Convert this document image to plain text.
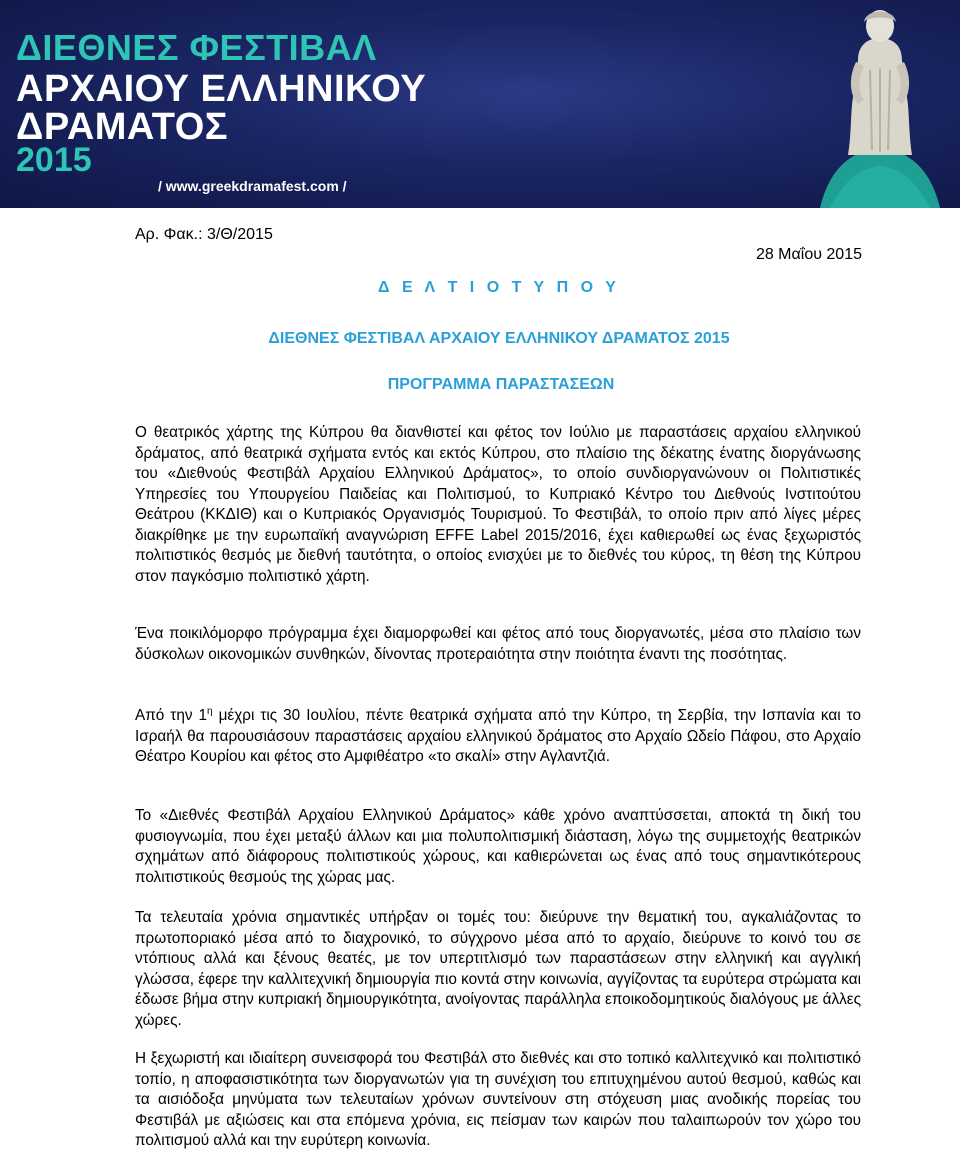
ΔΙΕΘΝΕΣ ΦΕΣΤΙΒΑΛ
ΑΡΧΑΙΟΥ ΕΛΛΗΝΙΚΟΥ
ΔΡΑΜΑΤΟΣ
2015
/ www.greekdramafest.com /
Αρ. Φακ.: 3/Θ/2015
28 Μαΐου 2015
Δ Ε Λ Τ Ι Ο Τ Υ Π Ο Υ
ΔΙΕΘΝΕΣ ΦΕΣΤΙΒΑΛ ΑΡΧΑΙΟΥ ΕΛΛΗΝΙΚΟΥ ΔΡΑΜΑΤΟΣ 2015
ΠΡΟΓΡΑΜΜΑ ΠΑΡΑΣΤΑΣΕΩΝ

Ο θεατρικός χάρτης της Κύπρου θα διανθιστεί και φέτος τον Ιούλιο με παραστάσεις αρχαίου ελληνικού δράματος, από θεατρικά σχήματα εντός και εκτός Κύπρου, στο πλαίσιο της δέκατης ένατης διοργάνωσης του «Διεθνούς Φεστιβάλ Αρχαίου Ελληνικού Δράματος», το οποίο συνδιοργανώνουν οι Πολιτιστικές Υπηρεσίες του Υπουργείου Παιδείας και Πολιτισμού, το Κυπριακό Κέντρο του Διεθνούς Ινστιτούτου Θεάτρου (ΚΚΔΙΘ) και ο Κυπριακός Οργανισμός Τουρισμού. Το Φεστιβάλ, το οποίο πριν από λίγες μέρες διακρίθηκε με την ευρωπαϊκή αναγνώριση EFFE Label 2015/2016, έχει καθιερωθεί ως ένας ξεχωριστός πολιτιστικός θεσμός με διεθνή ταυτότητα, ο οποίος ενισχύει με το διεθνές του κύρος, τη θέση της Κύπρου στον παγκόσμιο πολιτιστικό χάρτη.

Ένα ποικιλόμορφο πρόγραμμα έχει διαμορφωθεί και φέτος από τους διοργανωτές, μέσα στο πλαίσιο των δύσκολων οικονομικών συνθηκών, δίνοντας προτεραιότητα στην ποιότητα έναντι της ποσότητας.

Από την $1^\eta$ μέχρι τις 30 Ιουλίου, πέντε θεατρικά σχήματα από την Κύπρο, τη Σερβία, την Ισπανία και το Ισραήλ θα παρουσιάσουν παραστάσεις αρχαίου ελληνικού δράματος στο Αρχαίο Ωδείο Πάφου, στο Αρχαίο Θέατρο Κουρίου και φέτος στο Αμφιθέατρο «το σκαλί» στην Αγλαντζιά.

Το «Διεθνές Φεστιβάλ Αρχαίου Ελληνικού Δράματος» κάθε χρόνο αναπτύσσεται, αποκτά τη δική του φυσιογνωμία, που έχει μεταξύ άλλων και μια πολυπολιτισμική διάσταση, λόγω της συμμετοχής θεατρικών σχημάτων από διάφορους πολιτιστικούς χώρους, και καθιερώνεται ως ένας από τους σημαντικότερους πολιτιστικούς θεσμούς της χώρας μας.

Τα τελευταία χρόνια σημαντικές υπήρξαν οι τομές του: διεύρυνε την θεματική του, αγκαλιάζοντας το πρωτοποριακό μέσα από το διαχρονικό, το σύγχρονο μέσα από το αρχαίο, διεύρυνε το κοινό του σε ντόπιους αλλά και ξένους θεατές, με τον υπερτιτλισμό των παραστάσεων στην ελληνική και αγγλική γλώσσα, έφερε την καλλιτεχνική δημιουργία πιο κοντά στην κοινωνία, αγγίζοντας τα ευρύτερα στρώματα και έδωσε βήμα στην κυπριακή δημιουργικότητα, ανοίγοντας παράλληλα εποικοδομητικούς διαλόγους με άλλες χώρες.

Η ξεχωριστή και ιδιαίτερη συνεισφορά του Φεστιβάλ στο διεθνές και στο τοπικό καλλιτεχνικό και πολιτιστικό τοπίο, η αποφασιστικότητα των διοργανωτών για τη συνέχιση του επιτυχημένου αυτού θεσμού, καθώς και τα αισιόδοξα μηνύματα των τελευταίων χρόνων συντείνουν στη στόχευση μιας ανοδικής πορείας του Φεστιβάλ με αξιώσεις και στα επόμενα χρόνια, εις πείσμαν των καιρών που ταλαιπωρούν τον χώρο του πολιτισμού αλλά και την ευρύτερη κοινωνία.
